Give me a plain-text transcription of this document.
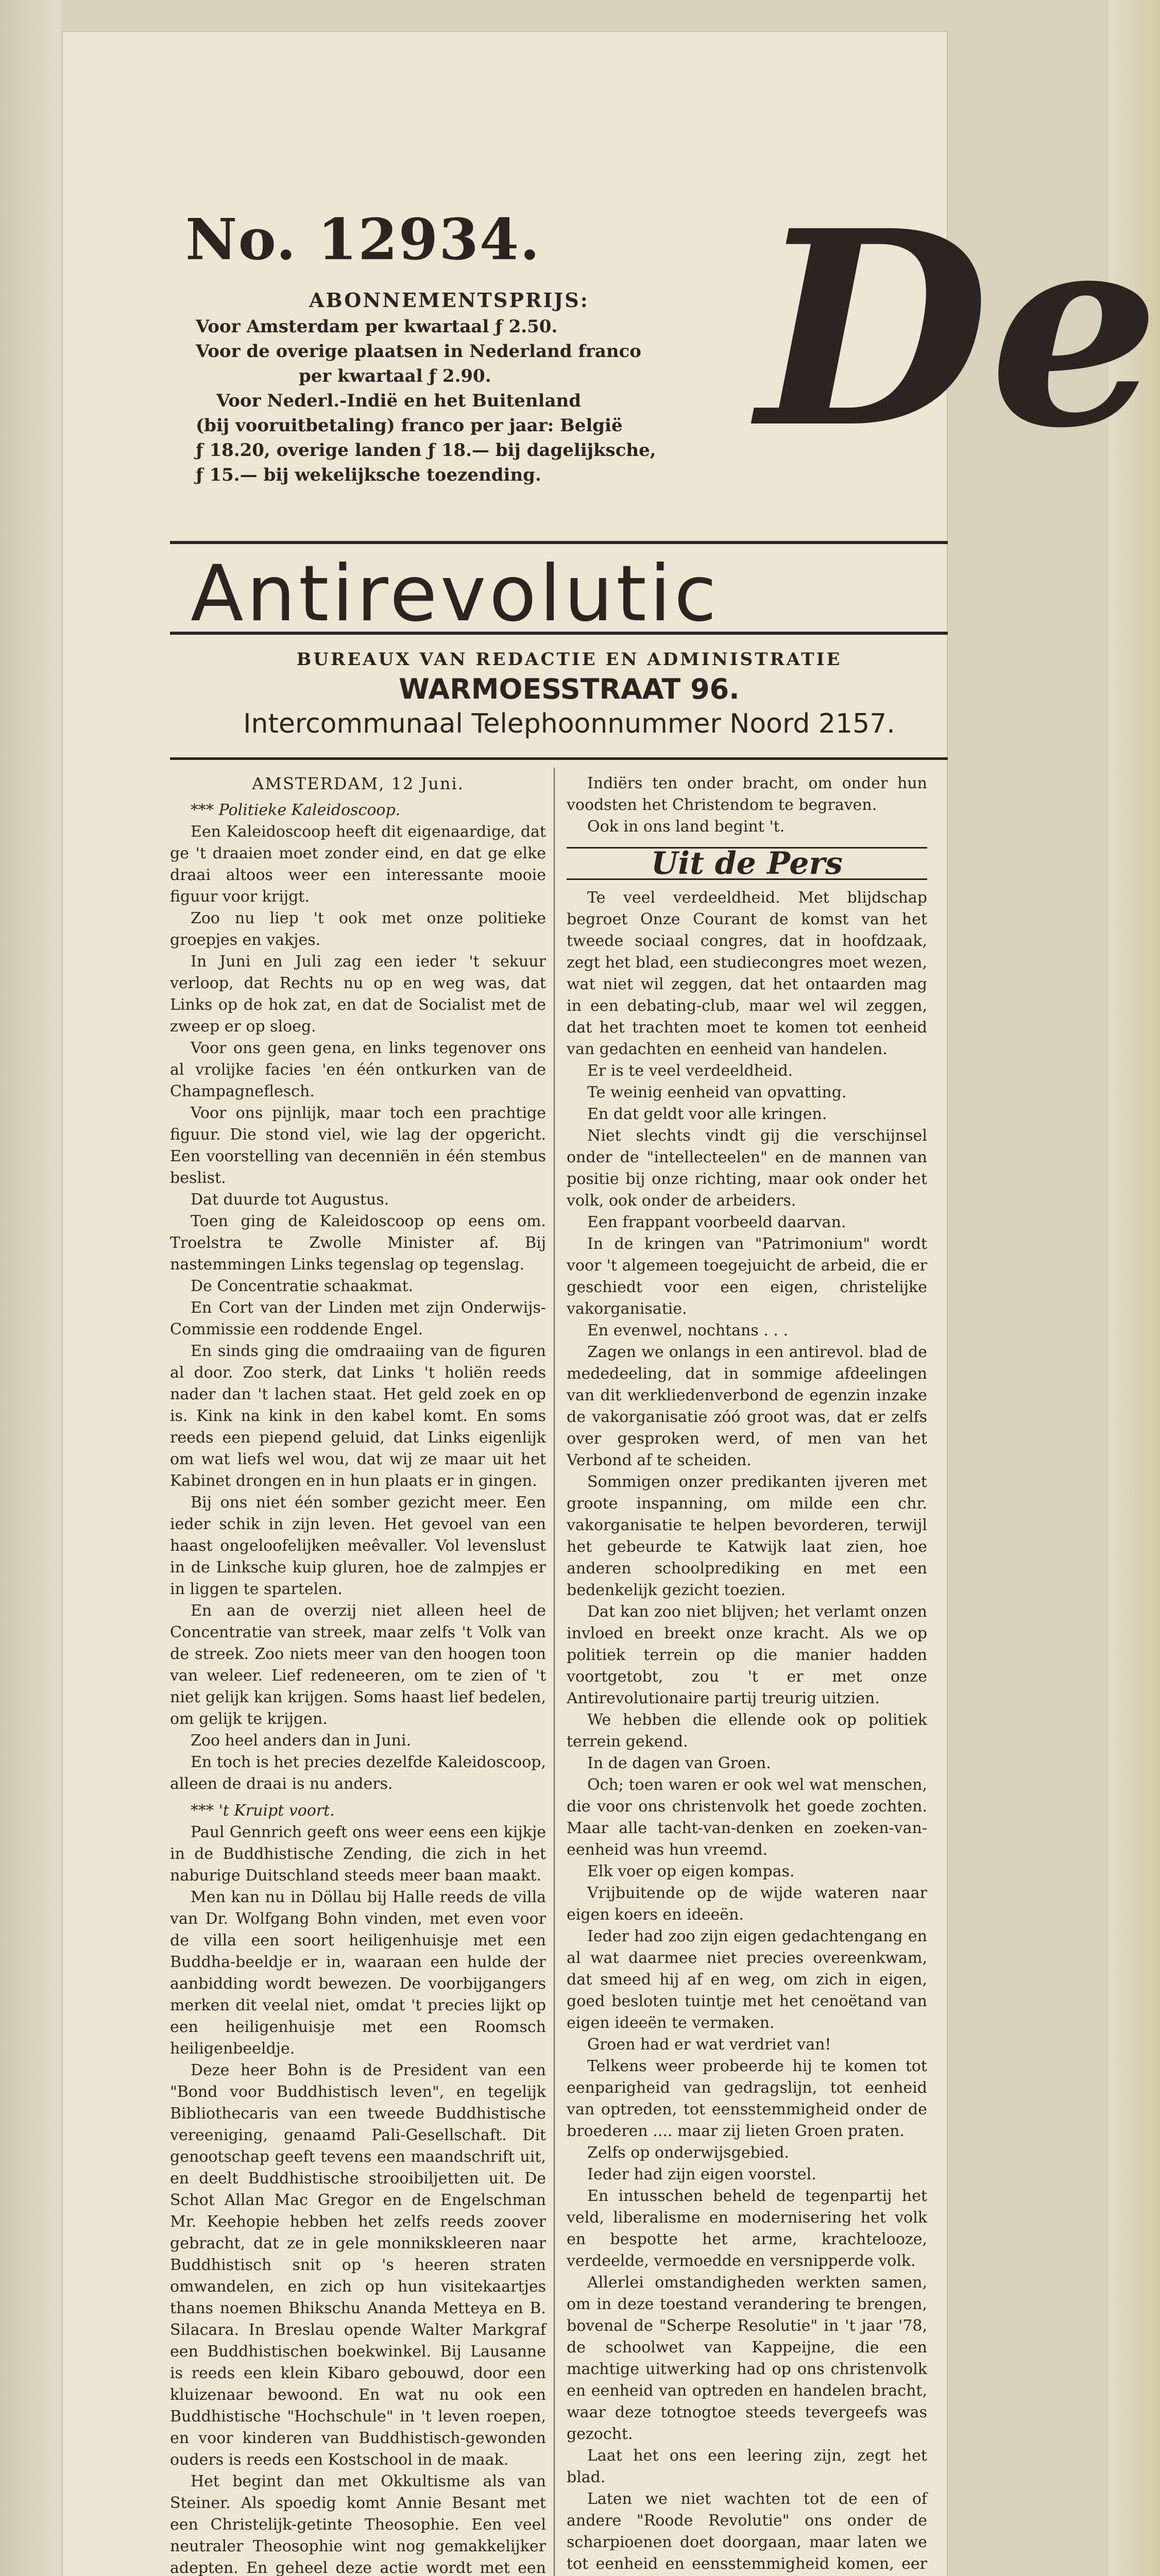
No. 12934.
ABONNEMENTSPRIJS:
Voor Amsterdam per kwartaal ƒ 2.50.
Voor de overige plaatsen in Nederland franco
per kwartaal ƒ 2.90.
Voor Nederl.-Indië en het Buitenland
(bij vooruitbetaling) franco per jaar: België
ƒ 18.20, overige landen ƒ 18.— bij dagelijksche,
ƒ 15.— bij wekelijksche toezending. De
Antirevolutic
BUREAUX VAN REDACTIE EN ADMINISTRATIE
WARMOESSTRAAT 96.
Intercommunaal Telephoonnummer Noord 2157.
AMSTERDAM, 12 Juni.

*** Politieke Kaleidoscoop.

Een Kaleidoscoop heeft dit eigenaardige, dat ge 't draaien moet zonder eind, en dat ge elke draai altoos weer een interessante mooie figuur voor krijgt.

Zoo nu liep 't ook met onze politieke groepjes en vakjes.

In Juni en Juli zag een ieder 't sekuur verloop, dat Rechts nu op en weg was, dat Links op de hok zat, en dat de Socialist met de zweep er op sloeg.

Voor ons geen gena, en links tegenover ons al vrolijke facies 'en één ontkurken van de Champagneflesch.

Voor ons pijnlijk, maar toch een prachtige figuur. Die stond viel, wie lag der opgericht. Een voorstelling van decenniën in één stembus beslist.

Dat duurde tot Augustus.

Toen ging de Kaleidoscoop op eens om. Troelstra te Zwolle Minister af. Bij nastemmingen Links tegenslag op tegenslag.

De Concentratie schaakmat.

En Cort van der Linden met zijn Onderwijs-Commissie een roddende Engel.

En sinds ging die omdraaiing van de figuren al door. Zoo sterk, dat Links 't holiën reeds nader dan 't lachen staat. Het geld zoek en op is. Kink na kink in den kabel komt. En soms reeds een piepend geluid, dat Links eigenlijk om wat liefs wel wou, dat wij ze maar uit het Kabinet drongen en in hun plaats er in gingen.

Bij ons niet één somber gezicht meer. Een ieder schik in zijn leven. Het gevoel van een haast ongeloofelijken meêvaller. Vol levenslust in de Linksche kuip gluren, hoe de zalmpjes er in liggen te spartelen.

En aan de overzij niet alleen heel de Concentratie van streek, maar zelfs 't Volk van de streek. Zoo niets meer van den hoogen toon van weleer. Lief redeneeren, om te zien of 't niet gelijk kan krijgen. Soms haast lief bedelen, om gelijk te krijgen.

Zoo heel anders dan in Juni.

En toch is het precies dezelfde Kaleidoscoop, alleen de draai is nu anders.

*** 't Kruipt voort.

Paul Gennrich geeft ons weer eens een kijkje in de Buddhistische Zending, die zich in het naburige Duitschland steeds meer baan maakt.

Men kan nu in Döllau bij Halle reeds de villa van Dr. Wolfgang Bohn vinden, met even voor de villa een soort heiligenhuisje met een Buddha-beeldje er in, waaraan een hulde der aanbidding wordt bewezen. De voorbijgangers merken dit veelal niet, omdat 't precies lijkt op een heiligenhuisje met een Roomsch heiligenbeeldje.

Deze heer Bohn is de President van een "Bond voor Buddhistisch leven", en tegelijk Bibliothecaris van een tweede Buddhistische vereeniging, genaamd Pali-Gesellschaft. Dit genootschap geeft tevens een maandschrift uit, en deelt Buddhistische strooibiljetten uit. De Schot Allan Mac Gregor en de Engelschman Mr. Keehopie hebben het zelfs reeds zoover gebracht, dat ze in gele monnikskleeren naar Buddhistisch snit op 's heeren straten omwandelen, en zich op hun visitekaartjes thans noemen Bhikschu Ananda Metteya en B. Silacara. In Breslau opende Walter Markgraf een Buddhistischen boekwinkel. Bij Lausanne is reeds een klein Kibaro gebouwd, door een kluizenaar bewoond. En wat nu ook een Buddhistische "Hochschule" in 't leven roepen, en voor kinderen van Buddhistisch-gewonden ouders is reeds een Kostschool in de maak.

Het begint dan met Okkultisme als van Steiner. Als spoedig komt Annie Besant met een Christelijk-getinte Theosophie. Een veel neutraler Theosophie wint nog gemakkelijker adepten. En geheel deze actie wordt met een

Indiërs ten onder bracht, om onder hun voodsten het Christendom te begraven.

Ook in ons land begint 't.

Uit de Pers

Te veel verdeeldheid. Met blijdschap begroet Onze Courant de komst van het tweede sociaal congres, dat in hoofdzaak, zegt het blad, een studiecongres moet wezen, wat niet wil zeggen, dat het ontaarden mag in een debating-club, maar wel wil zeggen, dat het trachten moet te komen tot eenheid van gedachten en eenheid van handelen.

Er is te veel verdeeldheid.

Te weinig eenheid van opvatting.

En dat geldt voor alle kringen.

Niet slechts vindt gij die verschijnsel onder de "intellecteelen" en de mannen van positie bij onze richting, maar ook onder het volk, ook onder de arbeiders.

Een frappant voorbeeld daarvan.

In de kringen van "Patrimonium" wordt voor 't algemeen toegejuicht de arbeid, die er geschiedt voor een eigen, christelijke vakorganisatie.

En evenwel, nochtans . . .

Zagen we onlangs in een antirevol. blad de mededeeling, dat in sommige afdeelingen van dit werkliedenverbond de egenzin inzake de vakorganisatie zóó groot was, dat er zelfs over gesproken werd, of men van het Verbond af te scheiden.

Sommigen onzer predikanten ijveren met groote inspanning, om milde een chr. vakorganisatie te helpen bevorderen, terwijl het gebeurde te Katwijk laat zien, hoe anderen schoolprediking en met een bedenkelijk gezicht toezien.

Dat kan zoo niet blijven; het verlamt onzen invloed en breekt onze kracht. Als we op politiek terrein op die manier hadden voortgetobt, zou 't er met onze Antirevolutionaire partij treurig uitzien.

We hebben die ellende ook op politiek terrein gekend.

In de dagen van Groen.

Och; toen waren er ook wel wat menschen, die voor ons christenvolk het goede zochten. Maar alle tacht-van-denken en zoeken-van-eenheid was hun vreemd.

Elk voer op eigen kompas.

Vrijbuitende op de wijde wateren naar eigen koers en ideeën.

Ieder had zoo zijn eigen gedachtengang en al wat daarmee niet precies overeenkwam, dat smeed hij af en weg, om zich in eigen, goed besloten tuintje met het cenoëtand van eigen ideeën te vermaken.

Groen had er wat verdriet van!

Telkens weer probeerde hij te komen tot eenparigheid van gedragslijn, tot eenheid van optreden, tot eensstemmigheid onder de broederen .... maar zij lieten Groen praten.

Zelfs op onderwijsgebied.

Ieder had zijn eigen voorstel.

En intusschen beheld de tegenpartij het veld, liberalisme en modernisering het volk en bespotte het arme, krachtelooze, verdeelde, vermoedde en versnipperde volk.

Allerlei omstandigheden werkten samen, om in deze toestand verandering te brengen, bovenal de "Scherpe Resolutie" in 't jaar '78, de schoolwet van Kappeijne, die een machtige uitwerking had op ons christenvolk en eenheid van optreden en handelen bracht, waar deze totnogtoe steeds tevergeefs was gezocht.

Laat het ons een leering zijn, zegt het blad.

Laten we niet wachten tot de een of andere "Roode Revolutie" ons onder de scharpioenen doet doorgaan, maar laten we tot eenheid en eensstemmigheid komen, eer
